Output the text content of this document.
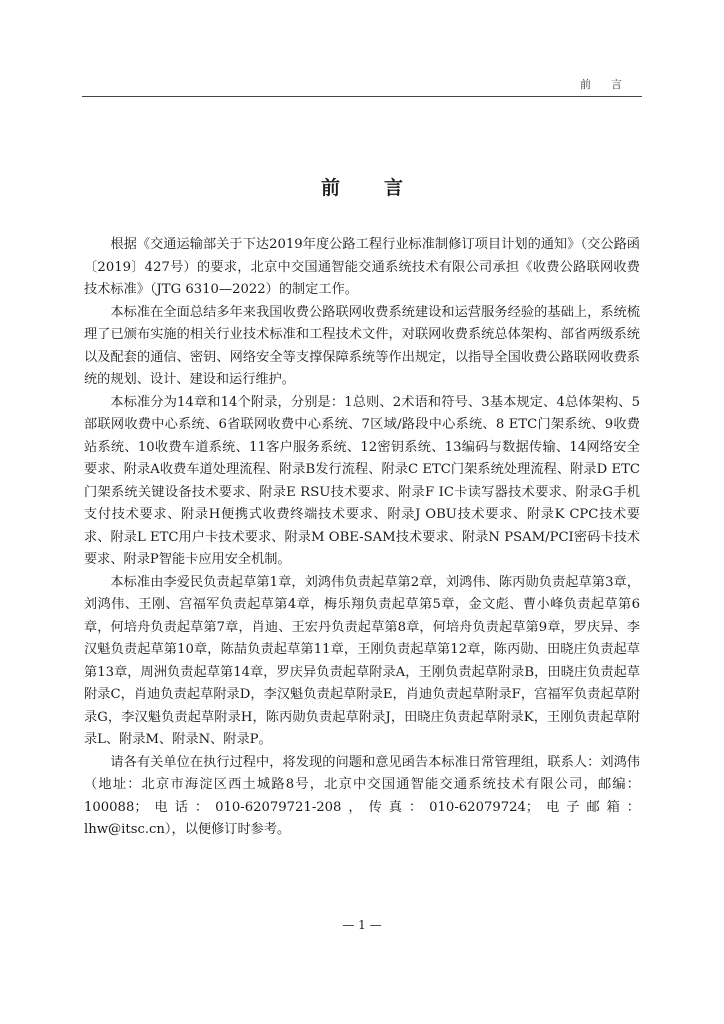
前言
前言

根据《交通运输部关于下达2019年度公路工程行业标准制修订项目计划的通知》（交公路函〔2019〕427号）的要求，北京中交国通智能交通系统技术有限公司承担《收费公路联网收费技术标准》（JTG 6310—2022）的制定工作。

本标准在全面总结多年来我国收费公路联网收费系统建设和运营服务经验的基础上，系统梳理了已颁布实施的相关行业技术标准和工程技术文件，对联网收费系统总体架构、部省两级系统以及配套的通信、密钥、网络安全等支撑保障系统等作出规定，以指导全国收费公路联网收费系统的规划、设计、建设和运行维护。

本标准分为14章和14个附录，分别是：1总则、2术语和符号、3基本规定、4总体架构、5部联网收费中心系统、6省联网收费中心系统、7区域/路段中心系统、8 ETC门架系统、9收费站系统、10收费车道系统、11客户服务系统、12密钥系统、13编码与数据传输、14网络安全要求、附录A收费车道处理流程、附录B发行流程、附录C ETC门架系统处理流程、附录D ETC门架系统关键设备技术要求、附录E RSU技术要求、附录F IC卡读写器技术要求、附录G手机支付技术要求、附录H便携式收费终端技术要求、附录J OBU技术要求、附录K CPC技术要求、附录L ETC用户卡技术要求、附录M OBE-SAM技术要求、附录N PSAM/PCI密码卡技术要求、附录P智能卡应用安全机制。

本标准由李爱民负责起草第1章，刘鸿伟负责起草第2章，刘鸿伟、陈丙勋负责起草第3章，刘鸿伟、王刚、宫福军负责起草第4章，梅乐翔负责起草第5章，金文彪、曹小峰负责起草第6章，何培舟负责起草第7章，肖迪、王宏丹负责起草第8章，何培舟负责起草第9章，罗庆异、李汉魁负责起草第10章，陈喆负责起草第11章，王刚负责起草第12章，陈丙勋、田晓庄负责起草第13章，周洲负责起草第14章，罗庆异负责起草附录A，王刚负责起草附录B，田晓庄负责起草附录C，肖迪负责起草附录D，李汉魁负责起草附录E，肖迪负责起草附录F，宫福军负责起草附录G，李汉魁负责起草附录H，陈丙勋负责起草附录J，田晓庄负责起草附录K，王刚负责起草附录L、附录M、附录N、附录P。

请各有关单位在执行过程中，将发现的问题和意见函告本标准日常管理组，联系人：刘鸿伟（地址：北京市海淀区西土城路8号，北京中交国通智能交通系统技术有限公司，邮编：100088；电话：010-62079721-208，传真：010-62079724；电子邮箱：lhw@itsc.cn），以便修订时参考。

— 1 —
